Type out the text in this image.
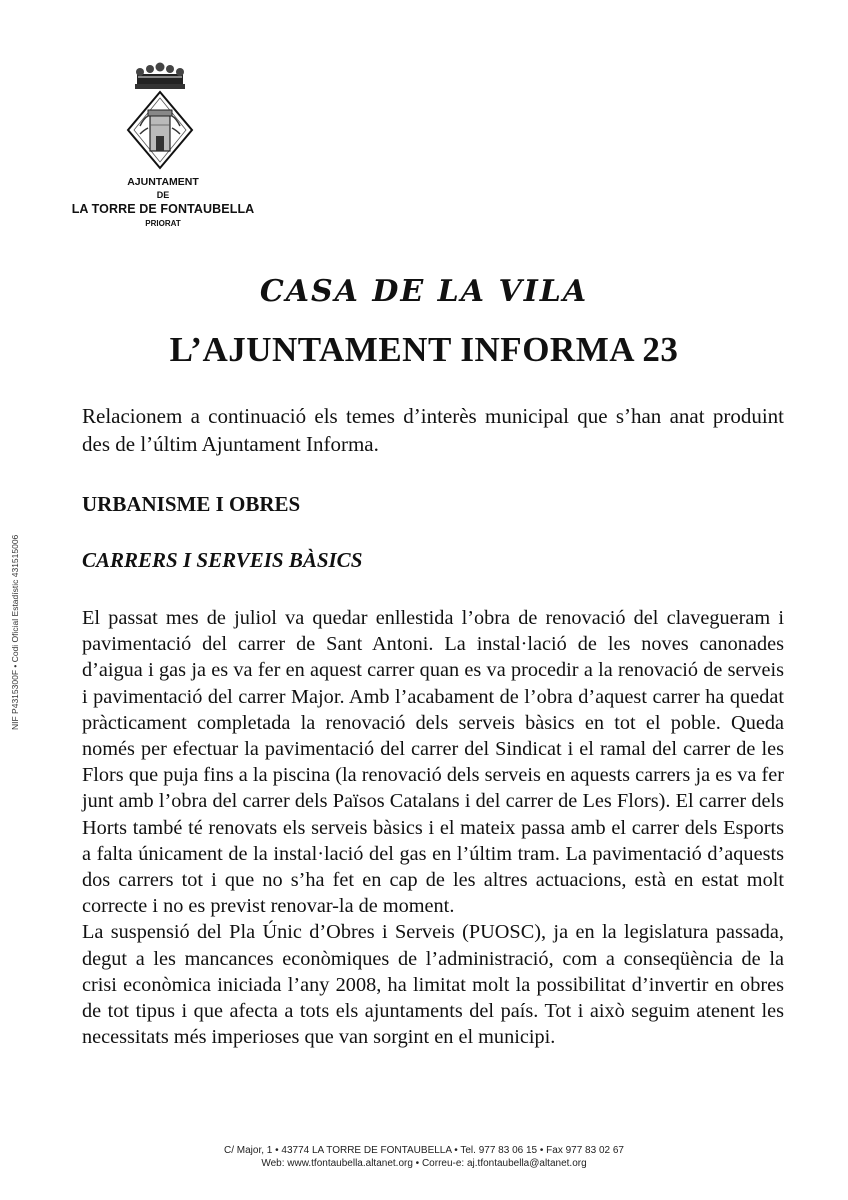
AJUNTAMENT
DE
LA TORRE DE FONTAUBELLA
PRIORAT
NIF P4315300F • Codi Oficial Estadístic 431515006
CASA DE LA VILA
L’AJUNTAMENT INFORMA 23
Relacionem a continuació els temes d’interès municipal que s’han anat produint des de l’últim Ajuntament Informa.
URBANISME I OBRES
CARRERS I SERVEIS BÀSICS

El passat mes de juliol va quedar enllestida l’obra de renovació del clavegueram i pavimentació del carrer de Sant Antoni. La instal·lació de les noves canonades d’aigua i gas ja es va fer en aquest carrer quan es va procedir a la renovació de serveis i pavimentació del carrer Major. Amb l’acabament de l’obra d’aquest carrer ha quedat pràcticament completada la renovació dels serveis bàsics en tot el poble. Queda només per efectuar la pavimentació del carrer del Sindicat i el ramal del carrer de les Flors que puja fins a la piscina (la renovació dels serveis en aquests carrers ja es va fer junt amb l’obra del carrer dels Països Catalans i del carrer de Les Flors). El carrer dels Horts també té renovats els serveis bàsics i el mateix passa amb el carrer dels Esports a falta únicament de la instal·lació del gas en l’últim tram. La pavimentació d’aquests dos carrers tot i que no s’ha fet en cap de les altres actuacions, està en estat molt correcte i no es previst renovar-la de moment.

La suspensió del Pla Únic d’Obres i Serveis (PUOSC), ja en la legislatura passada, degut a les mancances econòmiques de l’administració, com a conseqüència de la crisi econòmica iniciada l’any 2008, ha limitat molt la possibilitat d’invertir en obres de tot tipus i que afecta a tots els ajuntaments del país. Tot i això seguim atenent les necessitats més imperioses que van sorgint en el municipi.

C/ Major, 1 • 43774 LA TORRE DE FONTAUBELLA • Tel. 977 83 06 15 • Fax 977 83 02 67
Web: www.tfontaubella.altanet.org • Correu-e: aj.tfontaubella@altanet.org
